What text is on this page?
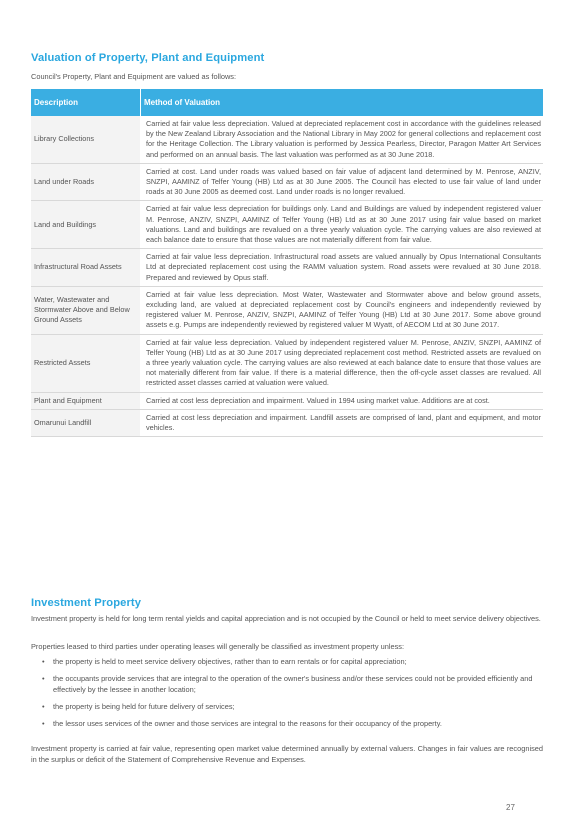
Valuation of Property, Plant and Equipment
Council's Property, Plant and Equipment are valued as follows:
Description	Method of Valuation
Library Collections	Carried at fair value less depreciation. Valued at depreciated replacement cost in accordance with the guidelines released by the New Zealand Library Association and the National Library in May 2002 for general collections and replacement cost for the Heritage Collection. The Library valuation is performed by Jessica Pearless, Director, Paragon Matter Art Services and performed on an annual basis. The last valuation was performed as at 30 June 2018.
Land under Roads	Carried at cost. Land under roads was valued based on fair value of adjacent land determined by M. Penrose, ANZIV, SNZPI, AAMINZ of Telfer Young (HB) Ltd as at 30 June 2005. The Council has elected to use fair value of land under roads at 30 June 2005 as deemed cost. Land under roads is no longer revalued.
Land and Buildings	Carried at fair value less depreciation for buildings only. Land and Buildings are valued by independent registered valuer M. Penrose, ANZIV, SNZPI, AAMINZ of Telfer Young (HB) Ltd as at 30 June 2017 using fair value based on market valuations. Land and buildings are revalued on a three yearly valuation cycle. The carrying values are also reviewed at each balance date to ensure that those values are not materially different from fair value.
Infrastructural Road Assets	Carried at fair value less depreciation. Infrastructural road assets are valued annually by Opus International Consultants Ltd at depreciated replacement cost using the RAMM valuation system. Road assets were revalued at 30 June 2018. Prepared and reviewed by Opus staff.
Water, Wastewater and Stormwater Above and Below Ground Assets	Carried at fair value less depreciation. Most Water, Wastewater and Stormwater above and below ground assets, excluding land, are valued at depreciated replacement cost by Council's engineers and independently reviewed by registered valuer M. Penrose, ANZIV, SNZPI, AAMINZ of Telfer Young (HB) Ltd at 30 June 2017. Some above ground assets e.g. Pumps are independently reviewed by registered valuer M Wyatt, of AECOM Ltd at 30 June 2017.
Restricted Assets	Carried at fair value less depreciation. Valued by independent registered valuer M. Penrose, ANZIV, SNZPI, AAMINZ of Telfer Young (HB) Ltd as at 30 June 2017 using depreciated replacement cost method. Restricted assets are revalued on a three yearly valuation cycle. The carrying values are also reviewed at each balance date to ensure that those values are not materially different from fair value. If there is a material difference, then the off-cycle asset classes are revalued. All restricted asset classes carried at valuation were valued.
Plant and Equipment	Carried at cost less depreciation and impairment. Valued in 1994 using market value. Additions are at cost.
Omarunui Landfill	Carried at cost less depreciation and impairment. Landfill assets are comprised of land, plant and equipment, and motor vehicles.
Investment Property
Investment property is held for long term rental yields and capital appreciation and is not occupied by the Council or held to meet service delivery objectives.
Properties leased to third parties under operating leases will generally be classified as investment property unless:
• the property is held to meet service delivery objectives, rather than to earn rentals or for capital appreciation;
• the occupants provide services that are integral to the operation of the owner's business and/or these services could not be provided efficiently and effectively by the lessee in another location;
• the property is being held for future delivery of services;
• the lessor uses services of the owner and those services are integral to the reasons for their occupancy of the property.
Investment property is carried at fair value, representing open market value determined annually by external valuers. Changes in fair values are recognised in the surplus or deficit of the Statement of Comprehensive Revenue and Expenses.
27
